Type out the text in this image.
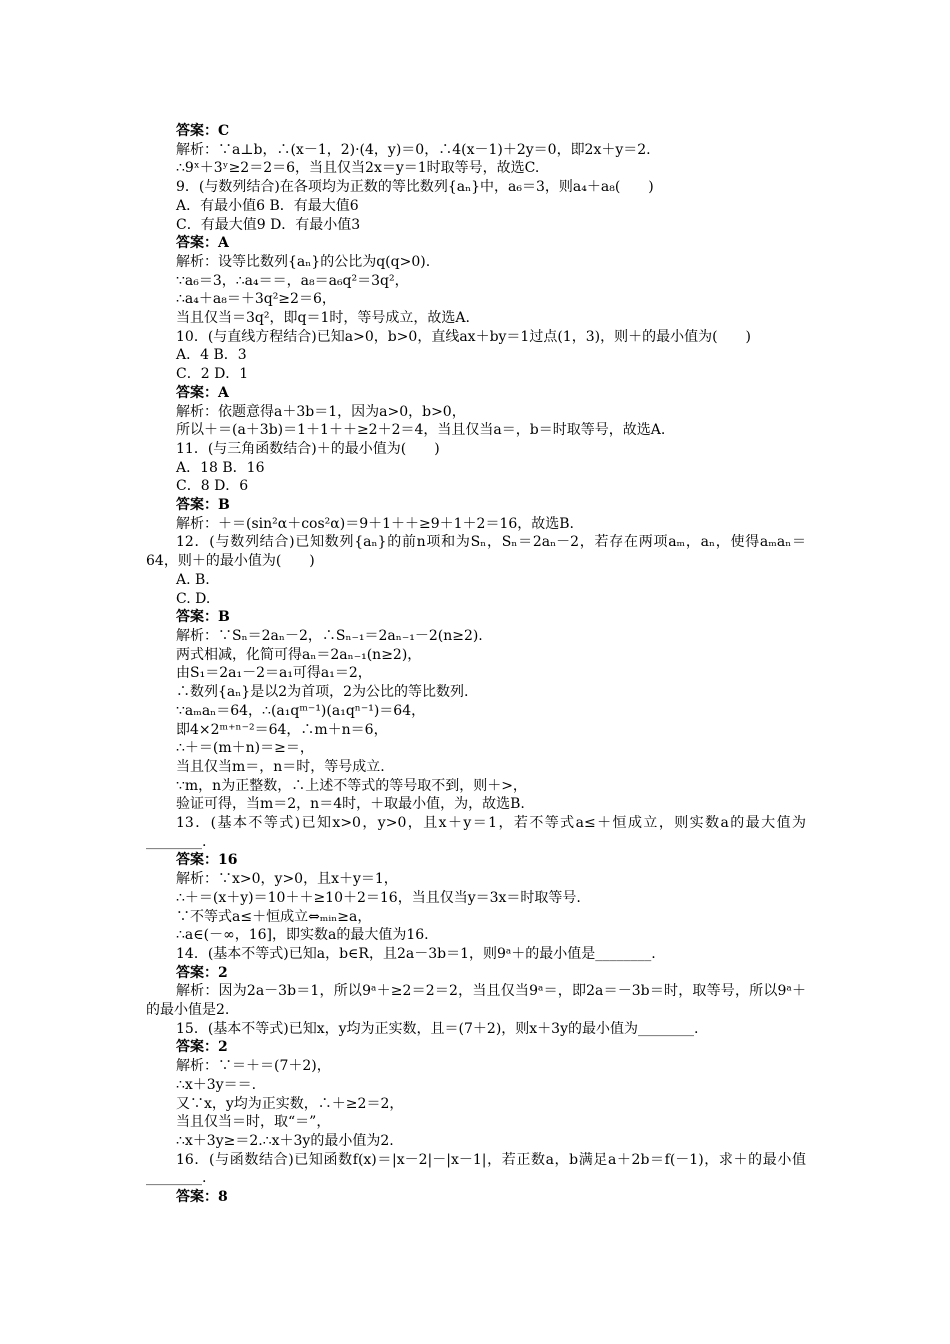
答案：C
解析：∵a⊥b，∴(x－1，2)·(4，y)＝0，∴4(x－1)＋2y＝0，即2x＋y＝2.
∴9ˣ＋3ʸ≥2＝2＝6，当且仅当2x＝y＝1时取等号，故选C.
9．(与数列结合)在各项均为正数的等比数列{aₙ}中，a₆＝3，则a₄＋a₈(　　)
A．有最小值6 B．有最大值6
C．有最大值9 D．有最小值3
答案：A
解析：设等比数列{aₙ}的公比为q(q>0).
∵a₆＝3，∴a₄＝＝，a₈＝a₆q²＝3q²，
∴a₄＋a₈＝＋3q²≥2＝6，
当且仅当＝3q²，即q＝1时，等号成立，故选A.
10．(与直线方程结合)已知a>0，b>0，直线ax＋by＝1过点(1，3)，则＋的最小值为(　　)
A．4 B．3
C．2 D．1
答案：A
解析：依题意得a＋3b＝1，因为a>0，b>0，
所以＋＝(a＋3b)＝1＋1＋＋≥2＋2＝4，当且仅当a＝，b＝时取等号，故选A.
11．(与三角函数结合)＋的最小值为(　　)
A．18 B．16
C．8 D．6
答案：B
解析：＋＝(sin²α＋cos²α)＝9＋1＋＋≥9＋1＋2＝16，故选B.
12．(与数列结合)已知数列{aₙ}的前n项和为Sₙ，Sₙ＝2aₙ－2，若存在两项aₘ，aₙ，使得aₘaₙ＝64，则＋的最小值为(　　)
A. B.
C. D.
答案：B
解析：∵Sₙ＝2aₙ－2，∴Sₙ₋₁＝2aₙ₋₁－2(n≥2).
两式相减，化简可得aₙ＝2aₙ₋₁(n≥2)，
由S₁＝2a₁－2＝a₁可得a₁＝2，
∴数列{aₙ}是以2为首项，2为公比的等比数列.
∵aₘaₙ＝64，∴(a₁qᵐ⁻¹)(a₁qⁿ⁻¹)＝64，
即4×2ᵐ⁺ⁿ⁻²＝64，∴m＋n＝6，
∴＋＝(m＋n)＝≥＝，
当且仅当m＝，n＝时，等号成立.
∵m，n为正整数，∴上述不等式的等号取不到，则＋>，
验证可得，当m＝2，n＝4时，＋取最小值，为，故选B.
13．(基本不等式)已知x>0，y>0，且x＋y＝1，若不等式a≤＋恒成立，则实数a的最大值为________.
答案：16
解析：∵x>0，y>0，且x＋y＝1，
∴＋＝(x＋y)＝10＋＋≥10＋2＝16，当且仅当y＝3x＝时取等号.
∵不等式a≤＋恒成立⇔ₘᵢₙ≥a，
∴a∈(－∞，16]，即实数a的最大值为16.
14．(基本不等式)已知a，b∈R，且2a－3b＝1，则9ᵃ＋的最小值是________.
答案：2
解析：因为2a－3b＝1，所以9ᵃ＋≥2＝2＝2，当且仅当9ᵃ＝，即2a＝－3b＝时，取等号，所以9ᵃ＋的最小值是2.
15．(基本不等式)已知x，y均为正实数，且＝(7＋2)，则x＋3y的最小值为________.
答案：2
解析：∵＝＋＝(7＋2)，
∴x＋3y＝＝.
又∵x，y均为正实数，∴＋≥2＝2，
当且仅当＝时，取“＝”，
∴x＋3y≥＝2.∴x＋3y的最小值为2.
16．(与函数结合)已知函数f(x)＝|x－2|－|x－1|，若正数a，b满足a＋2b＝f(－1)，求＋的最小值________.
答案：8
